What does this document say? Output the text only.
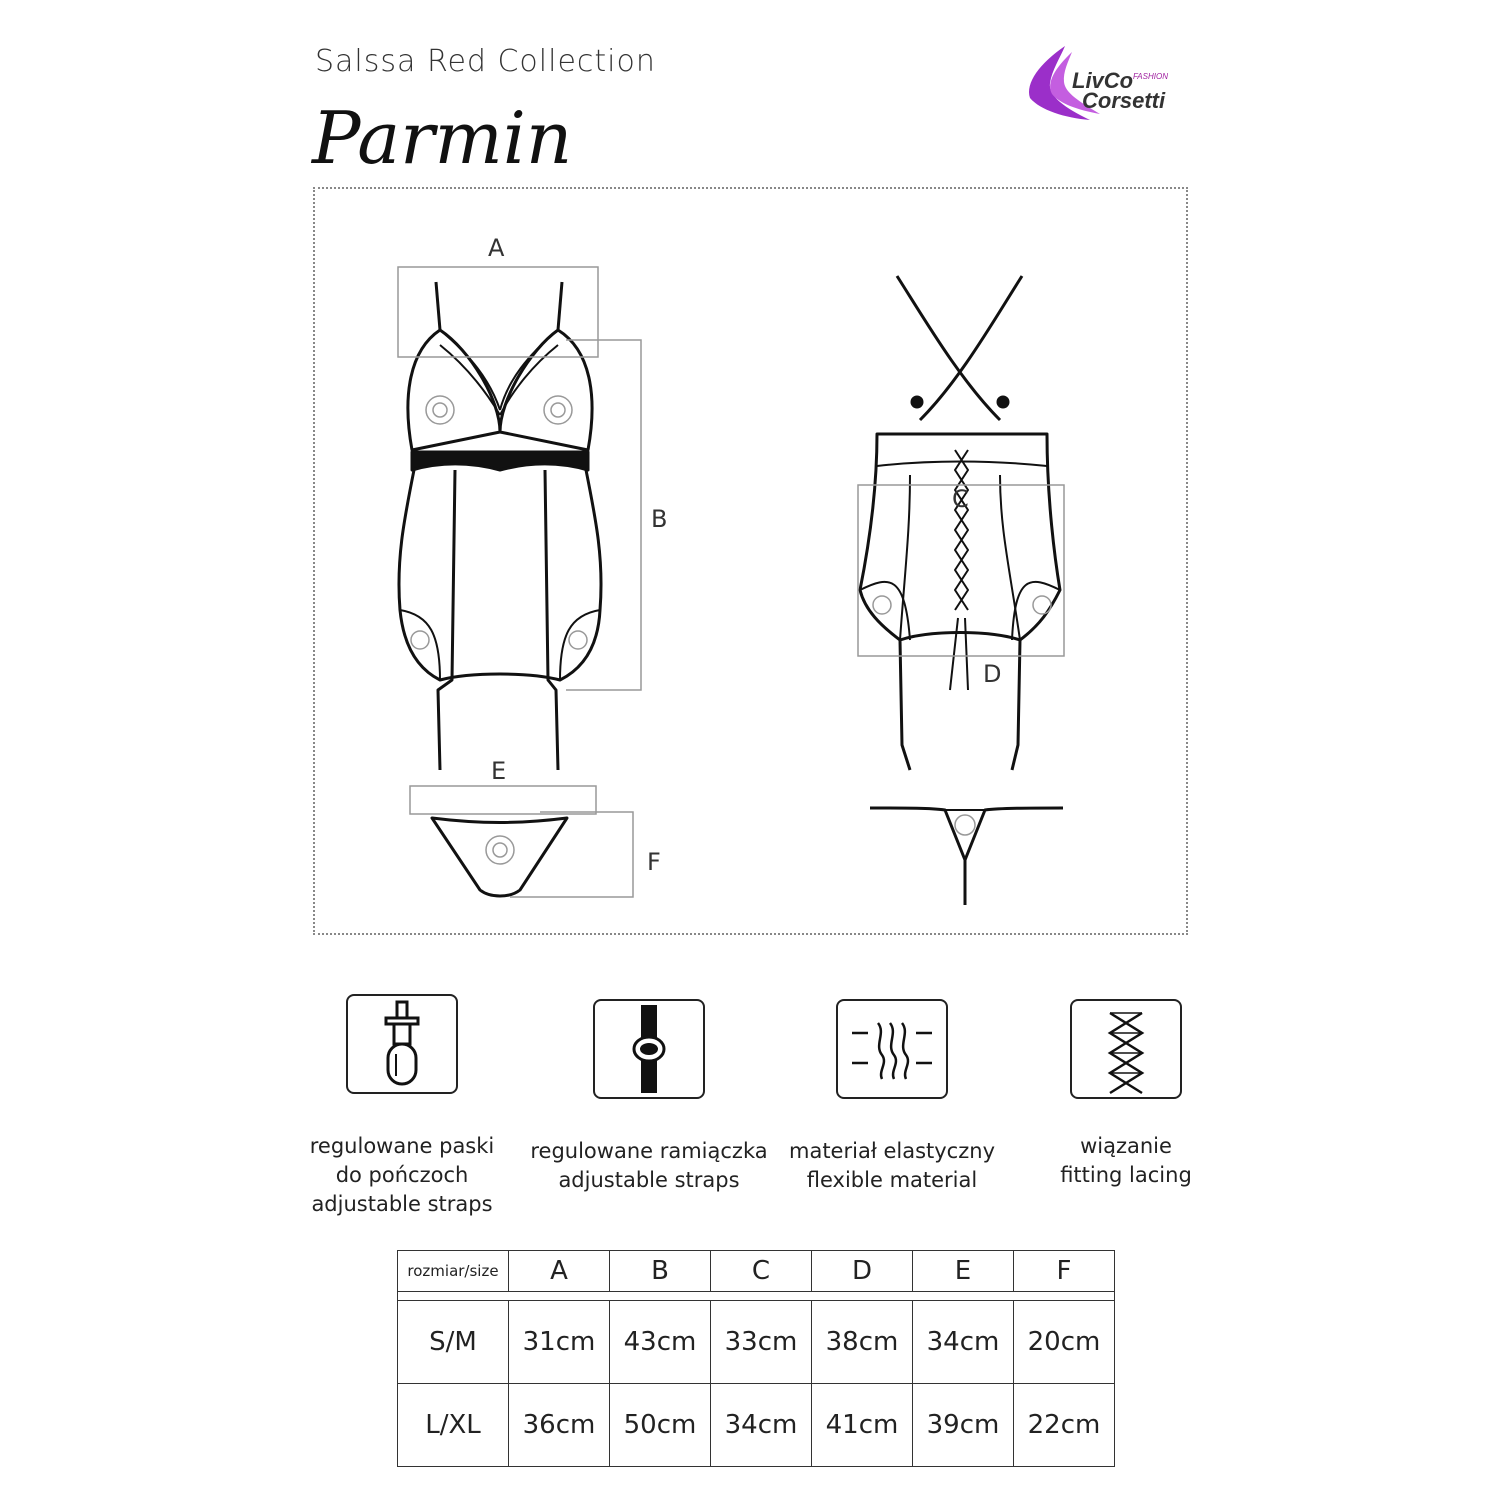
Salssa Red Collection
Parmin
LivCo FASHION
Corsetti
A
B
C
D
E
F
regulowane paski
do pończoch
adjustable straps
regulowane ramiączka
adjustable straps
materiał elastyczny
flexible material
wiązanie
fitting lacing
rozmiar/size	A	B	C	D	E	F

S/M	31cm	43cm	33cm	38cm	34cm	20cm
L/XL	36cm	50cm	34cm	41cm	39cm	22cm
